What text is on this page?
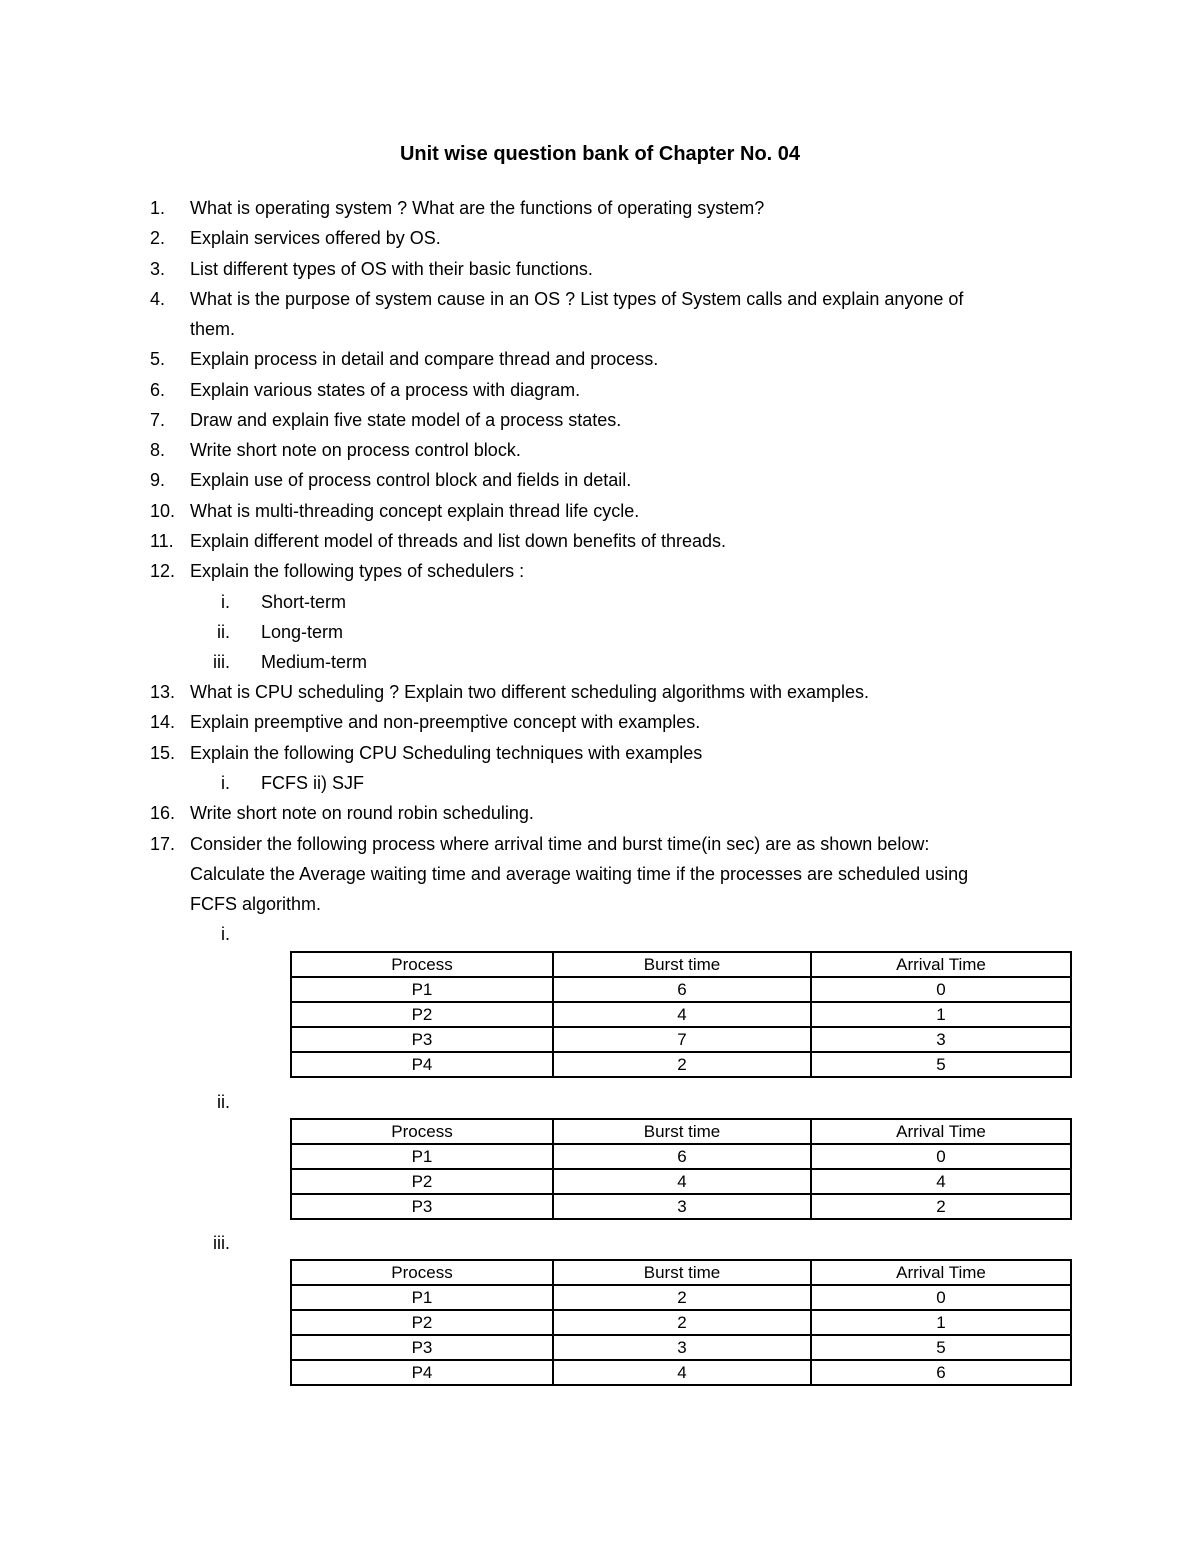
Unit wise question bank of Chapter No. 04
1.	What is operating system ? What are the functions of operating system?
2.	Explain services offered by OS.
3.	List different types of OS with their basic functions.
4.	What is the purpose of system cause in an OS ? List types of System calls and explain anyone of
them.
5.	Explain process in detail and compare thread and process.
6.	Explain various states of a process with diagram.
7.	Draw and explain five state model of a process states.
8.	Write short note on process control block.
9.	Explain use of process control block and fields in detail.
10. What is multi-threading concept explain thread life cycle.
11. Explain different model of threads and list down benefits of threads.
12. Explain the following types of schedulers :
i. Short-term
ii. Long-term
iii. Medium-term
13. What is CPU scheduling ? Explain two different scheduling algorithms with examples.
14. Explain preemptive and non-preemptive concept with examples.
15. Explain the following CPU Scheduling techniques with examples
i. FCFS ii) SJF
16. Write short note on round robin scheduling.
17. Consider the following process where arrival time and burst time(in sec) are as shown below:
Calculate the Average waiting time and average waiting time if the processes are scheduled using
FCFS algorithm.
i.
Process	Burst time	Arrival Time
P1	6	0
P2	4	1
P3	7	3
P4	2	5
ii.
Process	Burst time	Arrival Time
P1	6	0
P2	4	4
P3	3	2
iii.
Process	Burst time	Arrival Time
P1	2	0
P2	2	1
P3	3	5
P4	4	6
